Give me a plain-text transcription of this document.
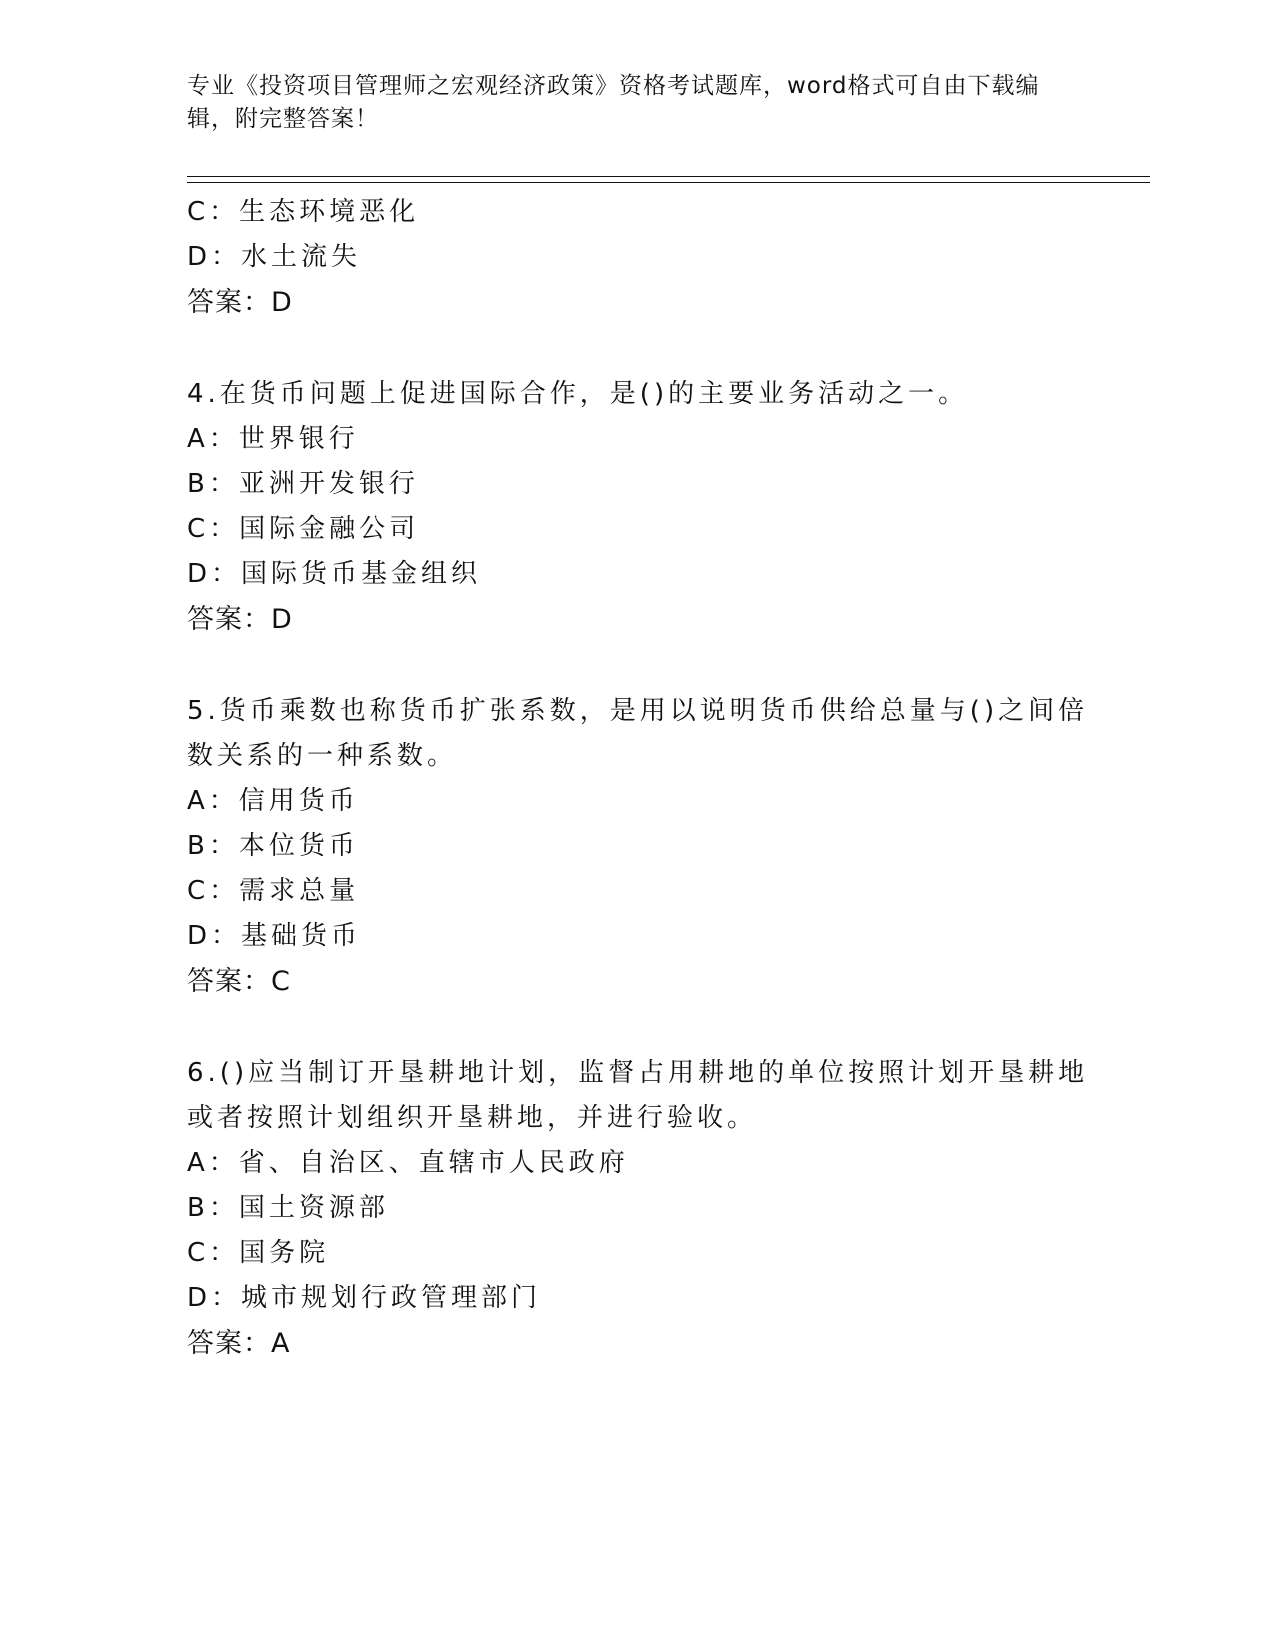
专业《投资项目管理师之宏观经济政策》资格考试题库，word格式可自由下载编
辑，附完整答案！
C：生态环境恶化
D：水土流失
答案：D
4.在货币问题上促进国际合作，是()的主要业务活动之一。
A：世界银行
B：亚洲开发银行
C：国际金融公司
D：国际货币基金组织
答案：D
5.货币乘数也称货币扩张系数，是用以说明货币供给总量与()之间倍
数关系的一种系数。
A：信用货币
B：本位货币
C：需求总量
D：基础货币
答案：C
6.()应当制订开垦耕地计划，监督占用耕地的单位按照计划开垦耕地
或者按照计划组织开垦耕地，并进行验收。
A：省、自治区、直辖市人民政府
B：国土资源部
C：国务院
D：城市规划行政管理部门
答案：A
